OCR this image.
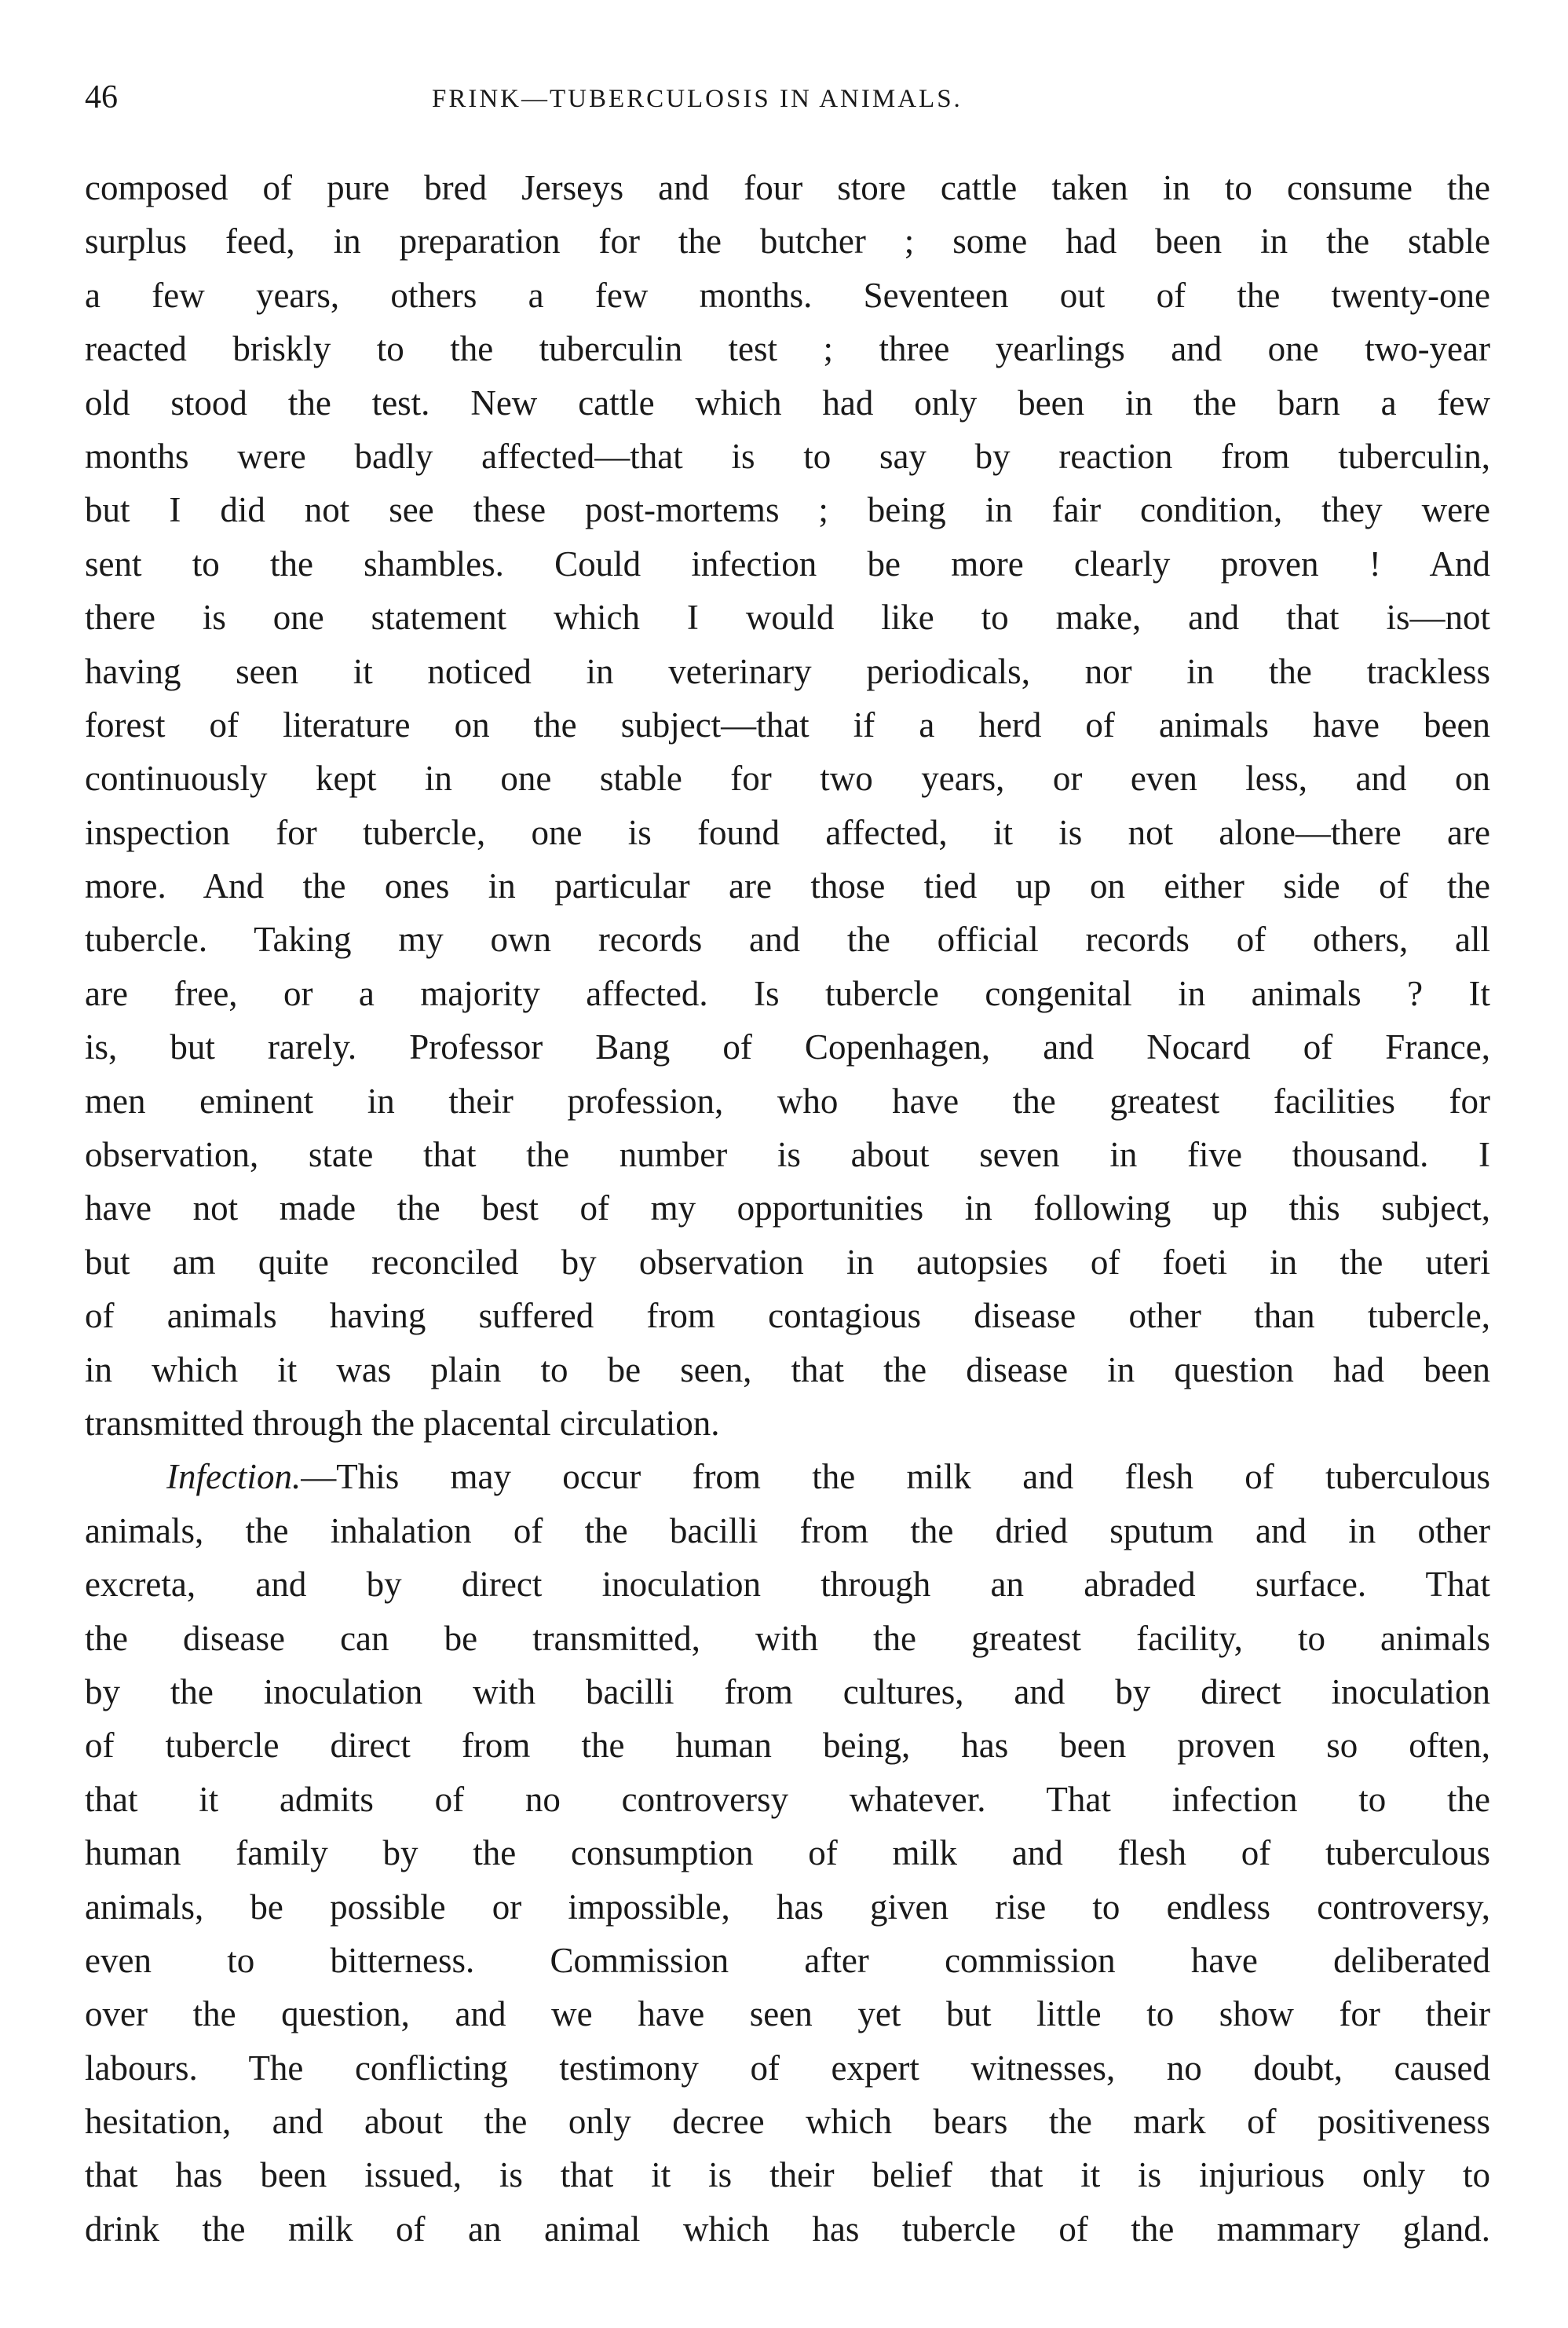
46	FRINK—TUBERCULOSIS IN ANIMALS.
composed of pure bred Jerseys and four store cattle taken in to consume the
surplus feed, in preparation for the butcher ; some had been in the stable
a few years, others a few months. Seventeen out of the twenty-one
reacted briskly to the tuberculin test ; three yearlings and one two-year
old stood the test. New cattle which had only been in the barn a few
months were badly affected—that is to say by reaction from tuberculin,
but I did not see these post-mortems ; being in fair condition, they were
sent to the shambles. Could infection be more clearly proven ! And
there is one statement which I would like to make, and that is—not
having seen it noticed in veterinary periodicals, nor in the trackless
forest of literature on the subject—that if a herd of animals have been
continuously kept in one stable for two years, or even less, and on
inspection for tubercle, one is found affected, it is not alone—there are
more. And the ones in particular are those tied up on either side of the
tubercle. Taking my own records and the official records of others, all
are free, or a majority affected. Is tubercle congenital in animals ? It
is, but rarely. Professor Bang of Copenhagen, and Nocard of France,
men eminent in their profession, who have the greatest facilities for
observation, state that the number is about seven in five thousand. I
have not made the best of my opportunities in following up this subject,
but am quite reconciled by observation in autopsies of foeti in the uteri
of animals having suffered from contagious disease other than tubercle,
in which it was plain to be seen, that the disease in question had been
transmitted through the placental circulation.
Infection.—This may occur from the milk and flesh of tuberculous
animals, the inhalation of the bacilli from the dried sputum and in other
excreta, and by direct inoculation through an abraded surface. That
the disease can be transmitted, with the greatest facility, to animals
by the inoculation with bacilli from cultures, and by direct inoculation
of tubercle direct from the human being, has been proven so often,
that it admits of no controversy whatever. That infection to the
human family by the consumption of milk and flesh of tuberculous
animals, be possible or impossible, has given rise to endless controversy,
even to bitterness. Commission after commission have deliberated
over the question, and we have seen yet but little to show for their
labours. The conflicting testimony of expert witnesses, no doubt, caused
hesitation, and about the only decree which bears the mark of positiveness
that has been issued, is that it is their belief that it is injurious only to
drink the milk of an animal which has tubercle of the mammary gland.
